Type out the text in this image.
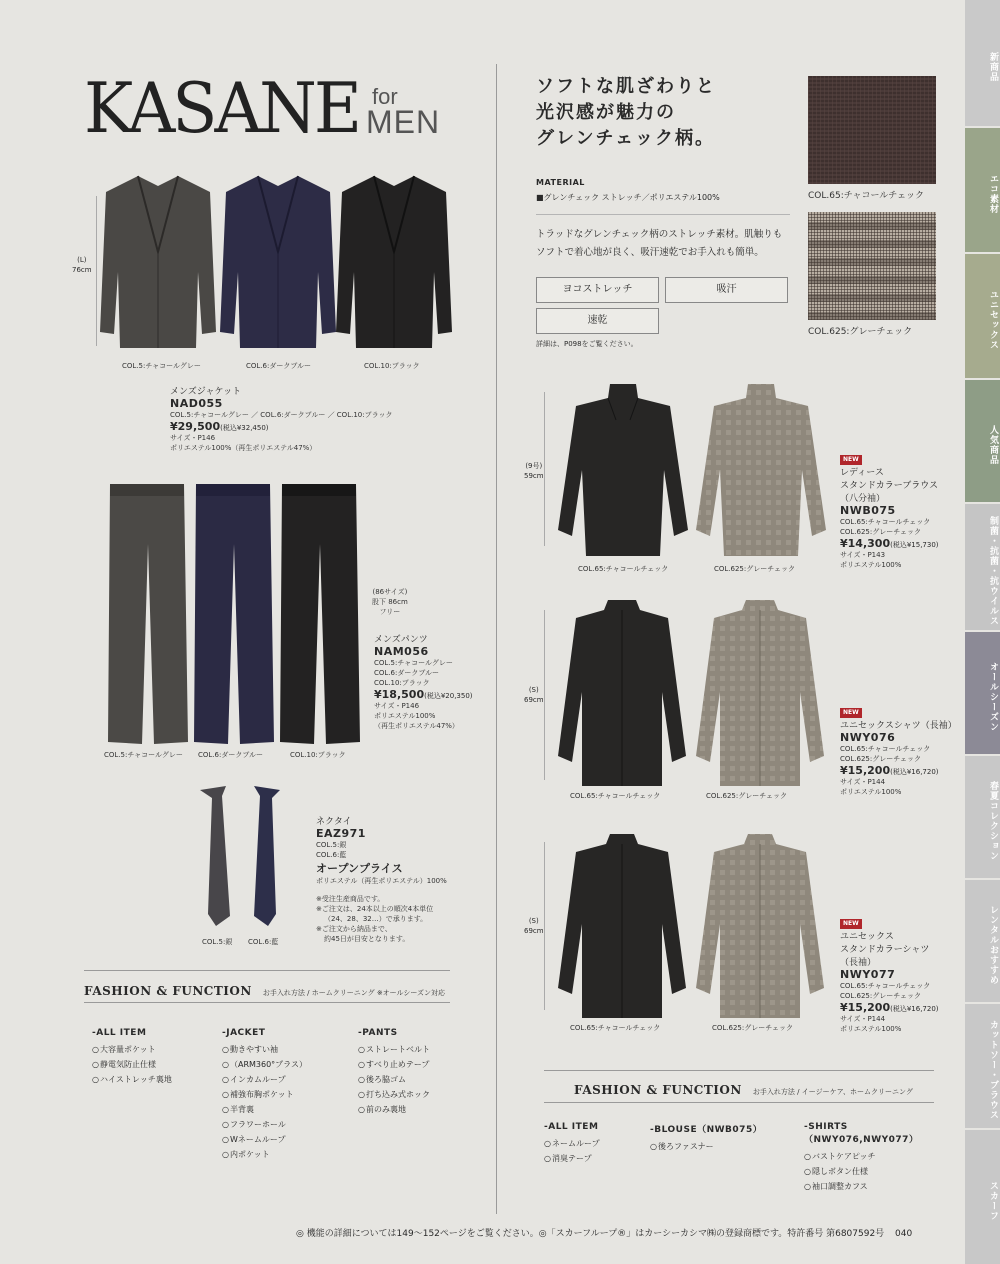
新商品
エコ素材
ユニセックス
人気商品
制菌・抗菌・抗ウイルス
オールシーズン
春夏コレクション
レンタルおすすめ
カットソー・ブラウス
スカーフ
KASANE for
MEN
(L)
76cm
COL.5:チャコールグレー	COL.6:ダークブルー	COL.10:ブラック
メンズジャケット
NAD055
COL.5:チャコールグレー ／ COL.6:ダークブルー ／ COL.10:ブラック
¥29,500(税込¥32,450)
サイズ・P146
ポリエステル100%（再生ポリエステル47%）
(86サイズ)
股下 86cm
フリー
メンズパンツ
NAM056
COL.5:チャコールグレー
COL.6:ダークブルー
COL.10:ブラック
¥18,500(税込¥20,350)
サイズ・P146
ポリエステル100%
（再生ポリエステル47%）
COL.5:チャコールグレー COL.6:ダークブルー	COL.10:ブラック
COL.5:銀 COL.6:藍
ネクタイ
EAZ971
COL.5:銀
COL.6:藍
オープンプライス
ポリエステル（再生ポリエステル）100%
※受注生産商品です。
※ご注文は、24本以上の順次4本単位
（24、28、32…）で承ります。
※ご注文から納品まで、
約45日が目安となります。
FASHION & FUNCTION お手入れ方法 / ホームクリーニング ※オールシーズン対応
-ALL ITEM
○ 大容量ポケット
○ 静電気防止仕様
○ ハイストレッチ裏地
-JACKET
○ 動きやすい袖
○ （ARM360°プラス）
○ インカムループ
○ 補強布胸ポケット
○ 半背裏
○ フラワーホール
○ Wネームループ
○ 内ポケット
-PANTS
○ ストレートベルト
○ すべり止めテープ
○ 後ろ脇ゴム
○ 打ち込み式ホック
○ 前のみ裏地
ソフトな肌ざわりと
光沢感が魅力の
グレンチェック柄。
MATERIAL
■グレンチェック ストレッチ／ポリエステル100%
トラッドなグレンチェック柄のストレッチ素材。肌触りもソフトで着心地が良く、吸汗速乾でお手入れも簡単。
ヨコストレッチ	吸汗
速乾
詳細は、P098をご覧ください。
COL.65:チャコールチェック
COL.625:グレーチェック
(9号)
59cm
COL.65:チャコールチェック	COL.625:グレーチェック
NEW
レディース
スタンドカラーブラウス
（八分袖）
NWB075
COL.65:チャコールチェック
COL.625:グレーチェック
¥14,300(税込¥15,730)
サイズ・P143
ポリエステル100%
(S)
69cm
COL.65:チャコールチェック	COL.625:グレーチェック
NEW
ユニセックスシャツ（長袖）
NWY076
COL.65:チャコールチェック
COL.625:グレーチェック
¥15,200(税込¥16,720)
サイズ・P144
ポリエステル100%
(S)
69cm
COL.65:チャコールチェック	COL.625:グレーチェック
NEW
ユニセックス
スタンドカラーシャツ
（長袖）
NWY077
COL.65:チャコールチェック
COL.625:グレーチェック
¥15,200(税込¥16,720)
サイズ・P144
ポリエステル100%
FASHION & FUNCTION お手入れ方法 / イージーケア、ホームクリーニング
-ALL ITEM
○ ネームループ
○ 消臭テープ
-BLOUSE（NWB075）
○ 後ろファスナー
-SHIRTS
（NWY076,NWY077）
○ バストケアピッチ
○ 隠しボタン仕様
○ 袖口調整カフス
◎ 機能の詳細については149～152ページをご覧ください。◎「スカーフループ®」はカーシーカシマ㈱の登録商標です。特許番号 第6807592号 040
